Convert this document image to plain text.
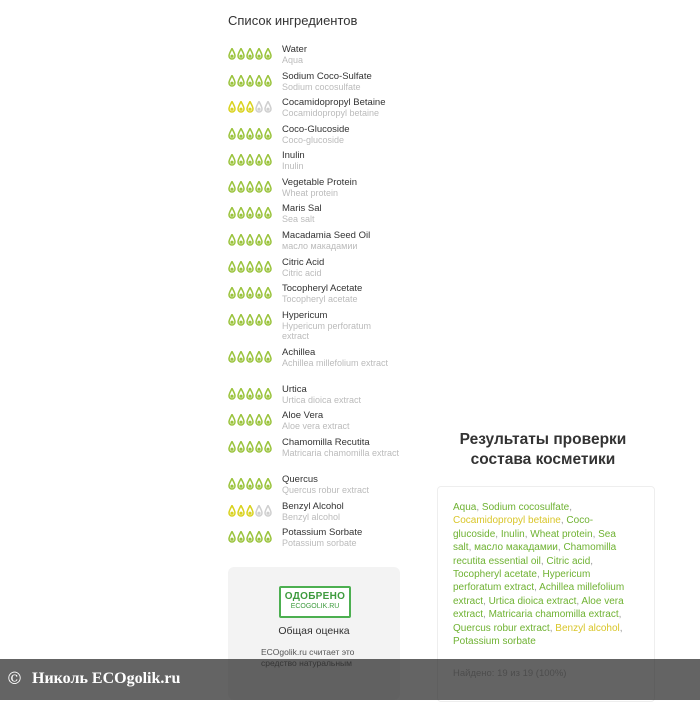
Список ингредиентов
Water
Aqua
Sodium Coco-Sulfate
Sodium cocosulfate
Cocamidopropyl Betaine
Cocamidopropyl betaine
Coco-Glucoside
Coco-glucoside
Inulin
Inulin
Vegetable Protein
Wheat protein
Maris Sal
Sea salt
Macadamia Seed Oil
масло макадамии
Citric Acid
Citric acid
Tocopheryl Acetate
Tocopheryl acetate
Hypericum
Hypericum perforatum extract
Achillea
Achillea millefolium extract
Urtica
Urtica dioica extract
Aloe Vera
Aloe vera extract
Chamomilla Recutita
Matricaria chamomilla extract
Quercus
Quercus robur extract
Benzyl Alcohol
Benzyl alcohol
Potassium Sorbate
Potassium sorbate
ОДОБРЕНО
ECOGOLIK.RU
Общая оценка
ECOgolik.ru считает это
Результаты проверки состава косметики
Aqua, Sodium cocosulfate, Cocamidopropyl betaine, Coco-glucoside, Inulin, Wheat protein, Sea salt, масло макадамии, Chamomilla recutita essential oil, Citric acid, Tocopheryl acetate, Hypericum perforatum extract, Achillea millefolium extract, Urtica dioica extract, Aloe vera extract, Matricaria chamomilla extract, Quercus robur extract, Benzyl alcohol, Potassium sorbate
© Николь ECOgolik.ru
